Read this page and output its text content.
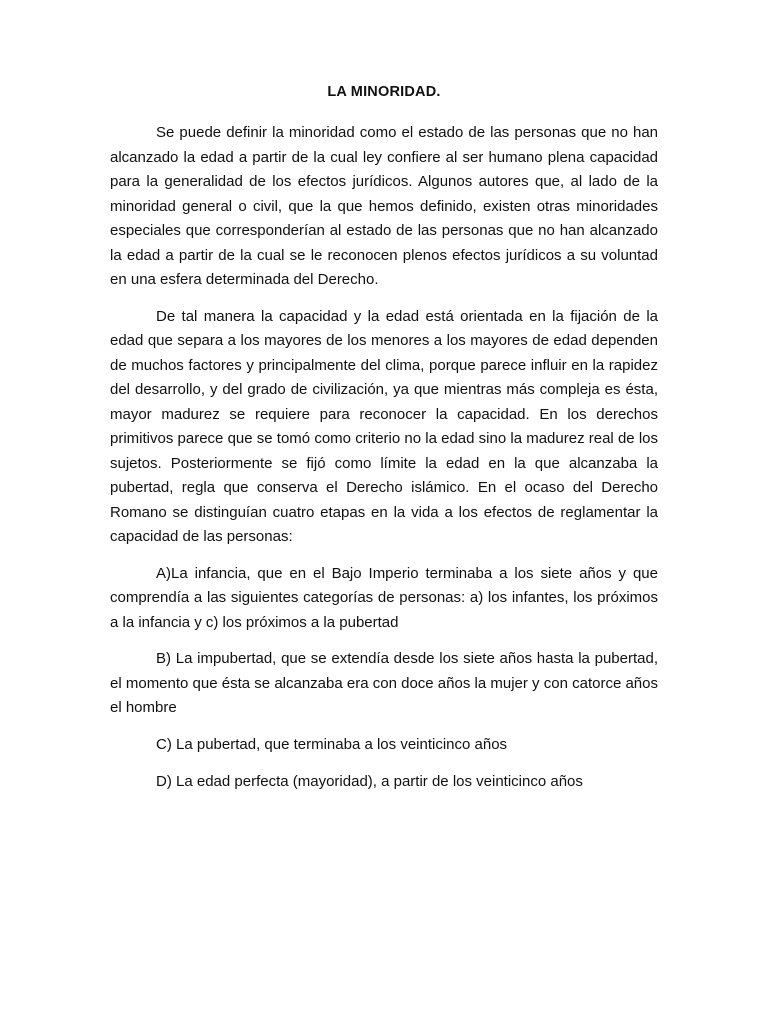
LA MINORIDAD.

Se puede definir la minoridad como el estado de las personas que no han alcanzado la edad a partir de la cual ley confiere al ser humano plena capacidad para la generalidad de los efectos jurídicos. Algunos autores que, al lado de la minoridad general o civil, que la que hemos definido, existen otras minoridades especiales que corresponderían al estado de las personas que no han alcanzado la edad a partir de la cual se le reconocen plenos efectos jurídicos a su voluntad en una esfera determinada del Derecho.

De tal manera la capacidad y la edad está orientada en la fijación de la edad que separa a los mayores de los menores a los mayores de edad dependen de muchos factores y principalmente del clima, porque parece influir en la rapidez del desarrollo, y del grado de civilización, ya que mientras más compleja es ésta, mayor madurez se requiere para reconocer la capacidad. En los derechos primitivos parece que se tomó como criterio no la edad sino la madurez real de los sujetos. Posteriormente se fijó como límite la edad en la que alcanzaba la pubertad, regla que conserva el Derecho islámico. En el ocaso del Derecho Romano se distinguían cuatro etapas en la vida a los efectos de reglamentar la capacidad de las personas:

A)La infancia, que en el Bajo Imperio terminaba a los siete años y que comprendía a las siguientes categorías de personas: a) los infantes, los próximos a la infancia y c) los próximos a la pubertad

B) La impubertad, que se extendía desde los siete años hasta la pubertad, el momento que ésta se alcanzaba era con doce años la mujer y con catorce años el hombre

C) La pubertad, que terminaba a los veinticinco años

D) La edad perfecta (mayoridad), a partir de los veinticinco años
